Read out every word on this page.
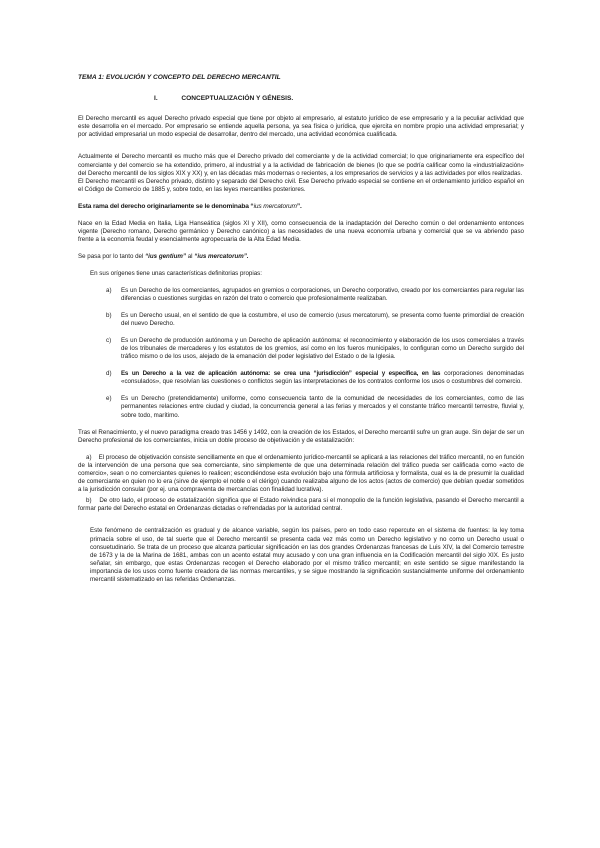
TEMA 1: EVOLUCIÓN Y CONCEPTO DEL DERECHO MERCANTIL
I.	CONCEPTUALIZACIÓN Y GÉNESIS.

El Derecho mercantil es aquel Derecho privado especial que tiene por objeto al empresario, al estatuto jurídico de ese empresario y a la peculiar actividad que este desarrolla en el mercado. Por empresario se entiende aquella persona, ya sea física o jurídica, que ejercita en nombre propio una actividad empresarial; y por actividad empresarial un modo especial de desarrollar, dentro del mercado, una actividad económica cualificada.

Actualmente el Derecho mercantil es mucho más que el Derecho privado del comerciante y de la actividad comercial; lo que originariamente era específico del comerciante y del comercio se ha extendido, primero, al industrial y a la actividad de fabricación de bienes (lo que se podría calificar como la «industrialización» del Derecho mercantil de los siglos XIX y XX) y, en las décadas más modernas o recientes, a los empresarios de servicios y a las actividades por ellos realizadas.

El Derecho mercantil es Derecho privado, distinto y separado del Derecho civil. Ese Derecho privado especial se contiene en el ordenamiento jurídico español en el Código de Comercio de 1885 y, sobre todo, en las leyes mercantiles posteriores.

Esta rama del derecho originariamente se le denominaba “ius mercatorum”.

Nace en la Edad Media en Italia, Liga Hanseática (siglos XI y XII), como consecuencia de la inadaptación del Derecho común o del ordenamiento entonces vigente (Derecho romano, Derecho germánico y Derecho canónico) a las necesidades de una nueva economía urbana y comercial que se va abriendo paso frente a la economía feudal y esencialmente agropecuaria de la Alta Edad Media.

Se pasa por lo tanto del “ius gentium” al “ius mercatorum”.

En sus orígenes tiene unas características definitorias propias:

a)	Es un Derecho de los comerciantes, agrupados en gremios o corporaciones, un Derecho corporativo, creado por los comerciantes para regular las diferencias o cuestiones surgidas en razón del trato o comercio que profesionalmente realizaban.
b)	Es un Derecho usual, en el sentido de que la costumbre, el uso de comercio (usus mercatorum), se presenta como fuente primordial de creación del nuevo Derecho.
c)	Es un Derecho de producción autónoma y un Derecho de aplicación autónoma: el reconocimiento y elaboración de los usos comerciales a través de los tribunales de mercaderes y los estatutos de los gremios, así como en los fueros municipales, lo configuran como un Derecho surgido del tráfico mismo o de los usos, alejado de la emanación del poder legislativo del Estado o de la Iglesia.
d)	Es un Derecho a la vez de aplicación autónoma: se crea una “jurisdicción” especial y específica, en las corporaciones denominadas «consulados», que resolvían las cuestiones o conflictos según las interpretaciones de los contratos conforme los usos o costumbres del comercio.
e)	Es un Derecho (pretendidamente) uniforme, como consecuencia tanto de la comunidad de necesidades de los comerciantes, como de las permanentes relaciones entre ciudad y ciudad, la concurrencia general a las ferias y mercados y el constante tráfico mercantil terrestre, fluvial y, sobre todo, marítimo.

Tras el Renacimiento, y el nuevo paradigma creado tras 1456 y 1492, con la creación de los Estados, el Derecho mercantil sufre un gran auge. Sin dejar de ser un Derecho profesional de los comerciantes, inicia un doble proceso de objetivación y de estatalización:

a) El proceso de objetivación consiste sencillamente en que el ordenamiento jurídico-mercantil se aplicará a las relaciones del tráfico mercantil, no en función de la intervención de una persona que sea comerciante, sino simplemente de que una determinada relación del tráfico pueda ser calificada como «acto de comercio», sean o no comerciantes quienes lo realicen; escondiéndose esta evolución bajo una fórmula artificiosa y formalista, cual es la de presumir la cualidad de comerciante en quien no lo era (sirve de ejemplo el noble o el clérigo) cuando realizaba alguno de los actos (actos de comercio) que debían quedar sometidos a la jurisdicción consular (por ej. una compraventa de mercancías con finalidad lucrativa).

b) De otro lado, el proceso de estatalización significa que el Estado reivindica para sí el monopolio de la función legislativa, pasando el Derecho mercantil a formar parte del Derecho estatal en Ordenanzas dictadas o refrendadas por la autoridad central.

Este fenómeno de centralización es gradual y de alcance variable, según los países, pero en todo caso repercute en el sistema de fuentes: la ley toma primacía sobre el uso, de tal suerte que el Derecho mercantil se presenta cada vez más como un Derecho legislativo y no como un Derecho usual o consuetudinario. Se trata de un proceso que alcanza particular significación en las dos grandes Ordenanzas francesas de Luis XIV, la del Comercio terrestre de 1673 y la de la Marina de 1681, ambas con un acento estatal muy acusado y con una gran influencia en la Codificación mercantil del siglo XIX. Es justo señalar, sin embargo, que estas Ordenanzas recogen el Derecho elaborado por el mismo tráfico mercantil; en este sentido se sigue manifestando la importancia de los usos como fuente creadora de las normas mercantiles, y se sigue mostrando la significación sustancialmente uniforme del ordenamiento mercantil sistematizado en las referidas Ordenanzas.
